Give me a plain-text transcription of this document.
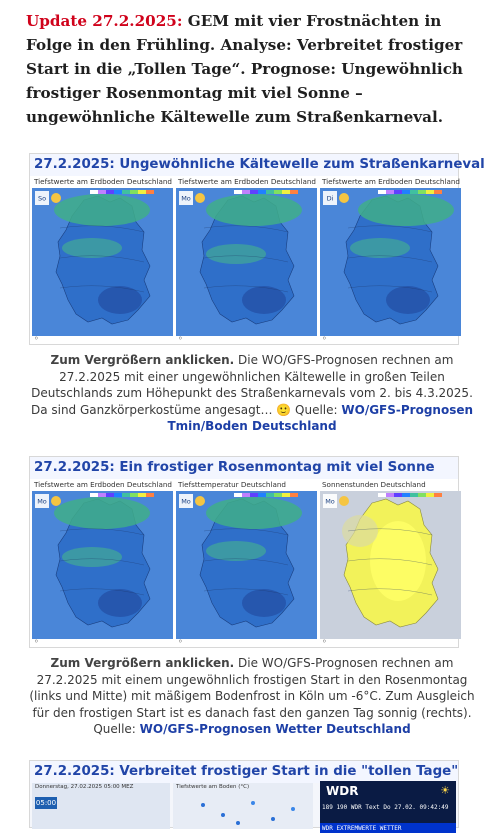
Update 27.2.2025: GEM mit vier Frostnächten in Folge in den Frühling. Analyse: Verbreitet frostiger Start in die „Tollen Tage“. Prognose: Ungewöhnlich frostiger Rosenmontag mit viel Sonne – ungewöhnliche Kältewelle zum Straßenkarneval.
27.2.2025: Ungewöhnliche Kältewelle zum Straßenkarneval
Tiefstwerte am Erdboden Deutschland
So
⚪
Tiefstwerte am Erdboden Deutschland
Mo
⚪
Tiefstwerte am Erdboden Deutschland
Di
⚪
Zum Vergrößern anklicken. Die WO/GFS-Prognosen rechnen am 27.2.2025 mit einer ungewöhnlichen Kältewelle in großen Teilen Deutschlands zum Höhepunkt des Straßenkarnevals vom 2. bis 4.3.2025. Da sind Ganzkörperkostüme angesagt… 🙂 Quelle: WO/GFS-Prognosen Tmin/Boden Deutschland
27.2.2025: Ein frostiger Rosenmontag mit viel Sonne
Tiefstwerte am Erdboden Deutschland
Mo
⚪
Tiefsttemperatur Deutschland
Mo
⚪
Sonnenstunden Deutschland
Mo
⚪
Zum Vergrößern anklicken. Die WO/GFS-Prognosen rechnen am 27.2.2025 mit einem ungewöhnlich frostigen Start in den Rosenmontag (links und Mitte) mit mäßigem Bodenfrost in Köln um -6°C. Zum Ausgleich für den frostigen Start ist es danach fast den ganzen Tag sonnig (rechts). Quelle: WO/GFS-Prognosen Wetter Deutschland
27.2.2025: Verbreitet frostiger Start in die "tollen Tage"
Donnerstag, 27.02.2025 05:00 MEZ
05:00
Tiefstwerte am Boden (°C)	WDR	☀
189 190 WDR Text Do 27.02. 09:42:49
WDR EXTREMWERTE WETTER
